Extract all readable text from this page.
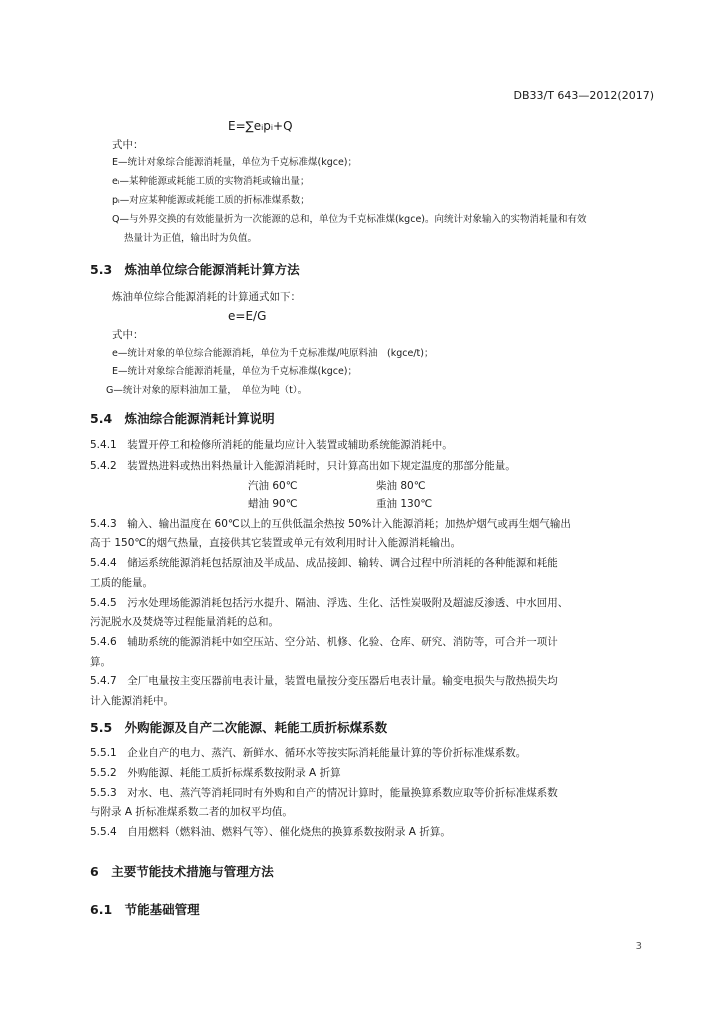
DB33/T 643—2012(2017)
E=∑eᵢpᵢ+Q
式中：
E—统计对象综合能源消耗量，单位为千克标准煤(kgce)；
eᵢ—某种能源或耗能工质的实物消耗或输出量；
pᵢ—对应某种能源或耗能工质的折标准煤系数；
Q—与外界交换的有效能量折为一次能源的总和，单位为千克标准煤(kgce)。向统计对象输入的实物消耗量和有效
热量计为正值，输出时为负值。
5.3　炼油单位综合能源消耗计算方法
炼油单位综合能源消耗的计算通式如下：
e=E/G
式中：
e—统计对象的单位综合能源消耗，单位为千克标准煤/吨原料油　(kgce/t)；
E—统计对象综合能源消耗量，单位为千克标准煤(kgce)；
G—统计对象的原料油加工量，　单位为吨（t）。
5.4　炼油综合能源消耗计算说明
5.4.1　装置开停工和检修所消耗的能量均应计入装置或辅助系统能源消耗中。
5.4.2　装置热进料或热出料热量计入能源消耗时，只计算高出如下规定温度的那部分能量。
汽油 60℃	柴油 80℃
蜡油 90℃	重油 130℃
5.4.3　输入、输出温度在 60℃以上的互供低温余热按 50%计入能源消耗；加热炉烟气或再生烟气输出
高于 150℃的烟气热量，直接供其它装置或单元有效利用时计入能源消耗输出。
5.4.4　储运系统能源消耗包括原油及半成品、成品接卸、输转、调合过程中所消耗的各种能源和耗能
工质的能量。
5.4.5　污水处理场能源消耗包括污水提升、隔油、浮选、生化、活性炭吸附及超滤反渗透、中水回用、
污泥脱水及焚烧等过程能量消耗的总和。
5.4.6　辅助系统的能源消耗中如空压站、空分站、机修、化验、仓库、研究、消防等，可合并一项计
算。
5.4.7　全厂电量按主变压器前电表计量，装置电量按分变压器后电表计量。输变电损失与散热损失均
计入能源消耗中。
5.5　外购能源及自产二次能源、耗能工质折标煤系数
5.5.1　企业自产的电力、蒸汽、新鲜水、循环水等按实际消耗能量计算的等价折标准煤系数。
5.5.2　外购能源、耗能工质折标煤系数按附录 A 折算
5.5.3　对水、电、蒸汽等消耗同时有外购和自产的情况计算时，能量换算系数应取等价折标准煤系数
与附录 A 折标准煤系数二者的加权平均值。
5.5.4　自用燃料（燃料油、燃料气等）、催化烧焦的换算系数按附录 A 折算。
6　主要节能技术措施与管理方法
6.1　节能基础管理
3
